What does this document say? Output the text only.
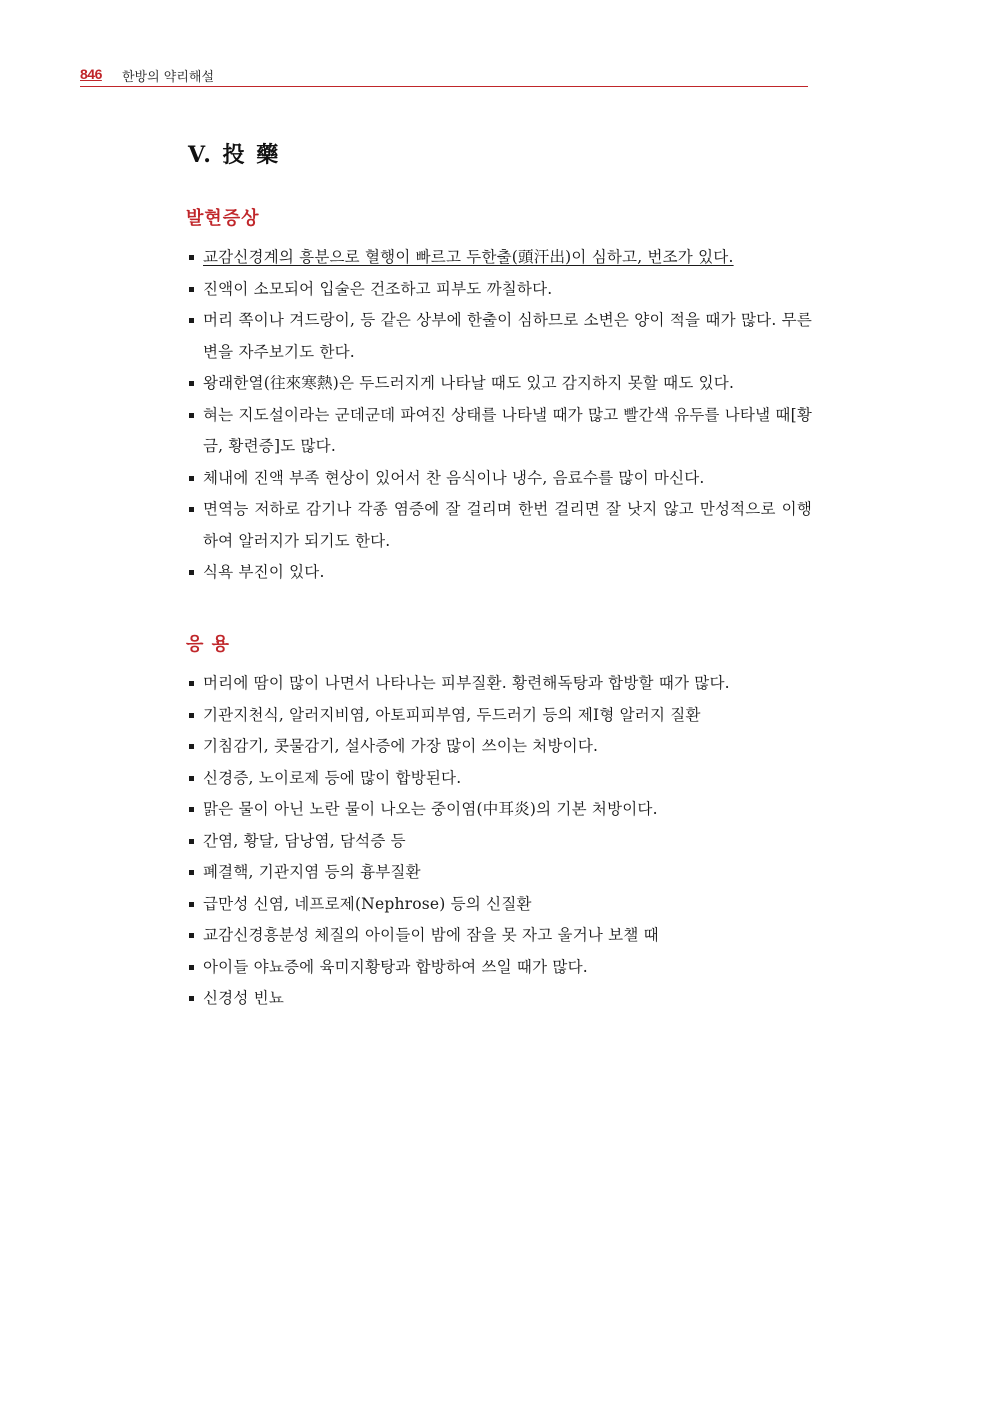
846 한방의 약리해설
V. 投 藥
발현증상
교감신경계의 흥분으로 혈행이 빠르고 두한출(頭汗出)이 심하고, 번조가 있다.
진액이 소모되어 입술은 건조하고 피부도 까칠하다.
머리 쪽이나 겨드랑이, 등 같은 상부에 한출이 심하므로 소변은 양이 적을 때가 많다. 무른 변을 자주보기도 한다.
왕래한열(往來寒熱)은 두드러지게 나타날 때도 있고 감지하지 못할 때도 있다.
혀는 지도설이라는 군데군데 파여진 상태를 나타낼 때가 많고 빨간색 유두를 나타낼 때[황금, 황련증]도 많다.
체내에 진액 부족 현상이 있어서 찬 음식이나 냉수, 음료수를 많이 마신다.
면역능 저하로 감기나 각종 염증에 잘 걸리며 한번 걸리면 잘 낫지 않고 만성적으로 이행하여 알러지가 되기도 한다.
식욕 부진이 있다.
응 용
머리에 땀이 많이 나면서 나타나는 피부질환. 황련해독탕과 합방할 때가 많다.
기관지천식, 알러지비염, 아토피피부염, 두드러기 등의 제I형 알러지 질환
기침감기, 콧물감기, 설사증에 가장 많이 쓰이는 처방이다.
신경증, 노이로제 등에 많이 합방된다.
맑은 물이 아닌 노란 물이 나오는 중이염(中耳炎)의 기본 처방이다.
간염, 황달, 담낭염, 담석증 등
폐결핵, 기관지염 등의 흉부질환
급만성 신염, 네프로제(Nephrose) 등의 신질환
교감신경흥분성 체질의 아이들이 밤에 잠을 못 자고 울거나 보챌 때
아이들 야뇨증에 육미지황탕과 합방하여 쓰일 때가 많다.
신경성 빈뇨
